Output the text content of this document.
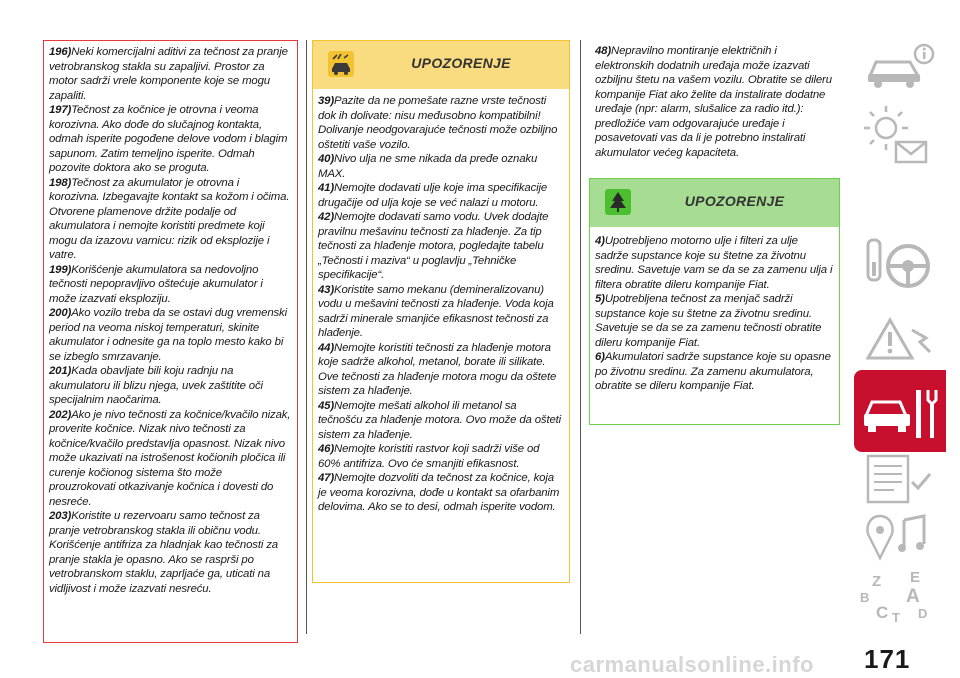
196)Neki komercijalni aditivi za tečnost za pranje vetrobranskog stakla su zapaljivi. Prostor za motor sadrži vrele komponente koje se mogu zapaliti.
197)Tečnost za kočnice je otrovna i veoma korozivna. Ako dođe do slučajnog kontakta, odmah isperite pogođene delove vodom i blagim sapunom. Zatim temeljno isperite. Odmah pozovite doktora ako se proguta.
198)Tečnost za akumulator je otrovna i korozivna. Izbegavajte kontakt sa kožom i očima. Otvorene plamenove držite podalje od akumulatora i nemojte koristiti predmete koji mogu da izazovu varnicu: rizik od eksplozije i vatre.
199)Korišćenje akumulatora sa nedovoljno tečnosti nepopravljivo oštećuje akumulator i može izazvati eksploziju.
200)Ako vozilo treba da se ostavi dug vremenski period na veoma niskoj temperaturi, skinite akumulator i odnesite ga na toplo mesto kako bi se izbeglo smrzavanje.
201)Kada obavljate bili koju radnju na akumulatoru ili blizu njega, uvek zaštitite oči specijalnim naočarima.
202)Ako je nivo tečnosti za kočnice/kvačilo nizak, proverite kočnice. Nizak nivo tečnosti za kočnice/kvačilo predstavlja opasnost. Nizak nivo može ukazivati na istrošenost kočionih pločica ili curenje kočionog sistema što može prouzrokovati otkazivanje kočnica i dovesti do nesreće.
203)Koristite u rezervoaru samo tečnost za pranje vetrobranskog stakla ili običnu vodu. Korišćenje antifriza za hladnjak kao tečnosti za pranje stakla je opasno. Ako se rasprši po vetrobranskom staklu, zaprljaće ga, uticati na vidljivost i može izazvati nesreću.
UPOZORENJE
39)Pazite da ne pomešate razne vrste tečnosti dok ih dolivate: nisu međusobno kompatibilni! Dolivanje neodgovarajuće tečnosti može ozbiljno oštetiti vaše vozilo.
40)Nivo ulja ne sme nikada da pređe oznaku MAX.
41)Nemojte dodavati ulje koje ima specifikacije drugačije od ulja koje se već nalazi u motoru.
42)Nemojte dodavati samo vodu. Uvek dodajte pravilnu mešavinu tečnosti za hlađenje. Za tip tečnosti za hlađenje motora, pogledajte tabelu „Tečnosti i maziva“ u poglavlju „Tehničke specifikacije“.
43)Koristite samo mekanu (demineralizovanu) vodu u mešavini tečnosti za hlađenje. Voda koja sadrži minerale smanjiće efikasnost tečnosti za hlađenje.
44)Nemojte koristiti tečnosti za hlađenje motora koje sadrže alkohol, metanol, borate ili silikate. Ove tečnosti za hlađenje motora mogu da oštete sistem za hlađenje.
45)Nemojte mešati alkohol ili metanol sa tečnošću za hlađenje motora. Ovo može da ošteti sistem za hlađenje.
46)Nemojte koristiti rastvor koji sadrži više od 60% antifriza. Ovo će smanjiti efikasnost.
47)Nemojte dozvoliti da tečnost za kočnice, koja je veoma korozivna, dođe u kontakt sa ofarbanim delovima. Ako se to desi, odmah isperite vodom.
48)Nepravilno montiranje električnih i elektronskih dodatnih uređaja može izazvati ozbiljnu štetu na vašem vozilu. Obratite se dileru kompanije Fiat ako želite da instalirate dodatne uređaje (npr: alarm, slušalice za radio itd.): predložiće vam odgovarajuće uređaje i posavetovati vas da li je potrebno instalirati akumulator većeg kapaciteta.
UPOZORENJE
4)Upotrebljeno motorno ulje i filteri za ulje sadrže supstance koje su štetne za životnu sredinu. Savetuje vam se da se za zamenu ulja i filtera obratite dileru kompanije Fiat.
5)Upotrebljena tečnost za menjač sadrži supstance koje su štetne za životnu sredinu. Savetuje se da se za zamenu tečnosti obratite dileru kompanije Fiat.
6)Akumulatori sadrže supstance koje su opasne po životnu sredinu. Za zamenu akumulatora, obratite se dileru kompanije Fiat.
Z E
A
B
C T D
carmanualsonline.info 171
